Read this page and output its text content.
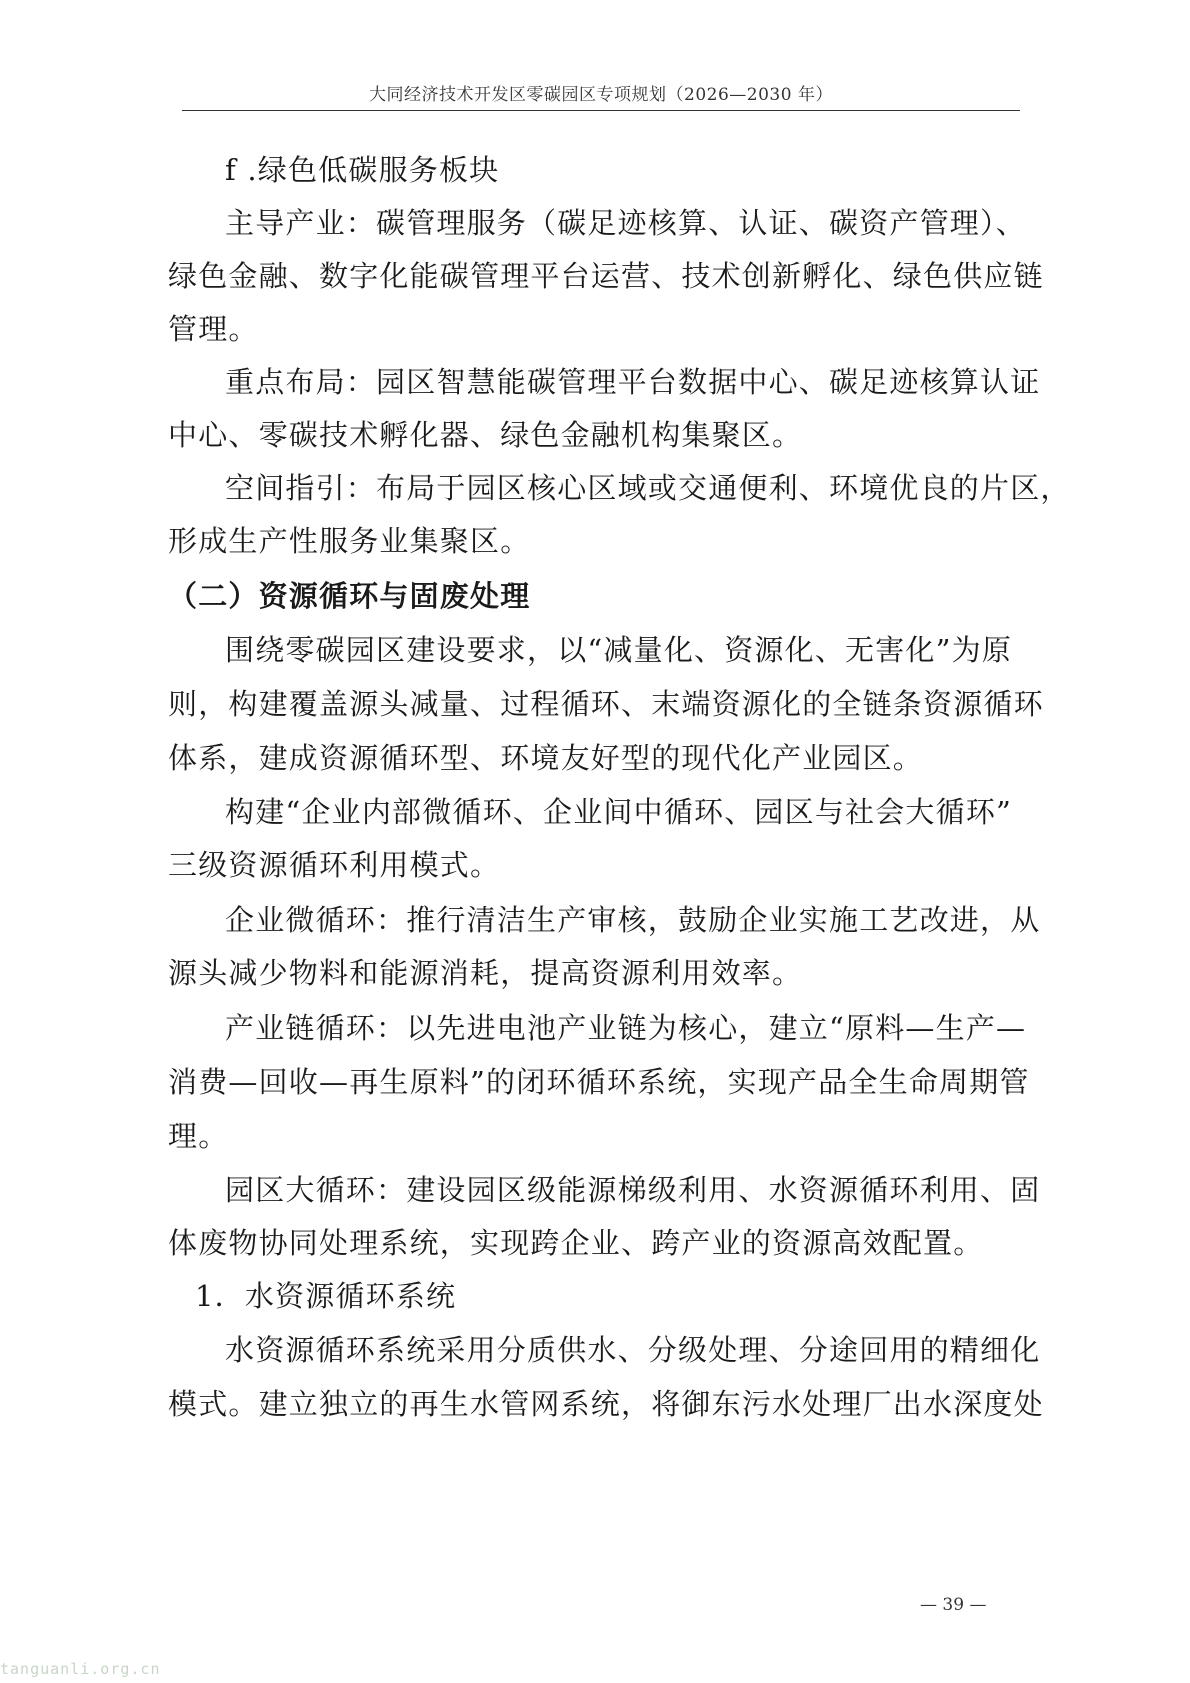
大同经济技术开发区零碳园区专项规划（2026—2030 年）
f .绿色低碳服务板块
主导产业：碳管理服务（碳足迹核算、认证、碳资产管理）、
绿色金融、数字化能碳管理平台运营、技术创新孵化、绿色供应链
管理。
重点布局：园区智慧能碳管理平台数据中心、碳足迹核算认证
中心、零碳技术孵化器、绿色金融机构集聚区。
空间指引：布局于园区核心区域或交通便利、环境优良的片区，
形成生产性服务业集聚区。
（二）资源循环与固废处理
围绕零碳园区建设要求，以“减量化、资源化、无害化”为原
则，构建覆盖源头减量、过程循环、末端资源化的全链条资源循环
体系，建成资源循环型、环境友好型的现代化产业园区。
构建“企业内部微循环、企业间中循环、园区与社会大循环”
三级资源循环利用模式。
企业微循环：推行清洁生产审核，鼓励企业实施工艺改进，从
源头减少物料和能源消耗，提高资源利用效率。
产业链循环：以先进电池产业链为核心，建立“原料—生产—
消费—回收—再生原料”的闭环循环系统，实现产品全生命周期管
理。
园区大循环：建设园区级能源梯级利用、水资源循环利用、固
体废物协同处理系统，实现跨企业、跨产业的资源高效配置。
1．水资源循环系统
水资源循环系统采用分质供水、分级处理、分途回用的精细化
模式。建立独立的再生水管网系统，将御东污水处理厂出水深度处
— 39 —
tanguanli.org.cn
